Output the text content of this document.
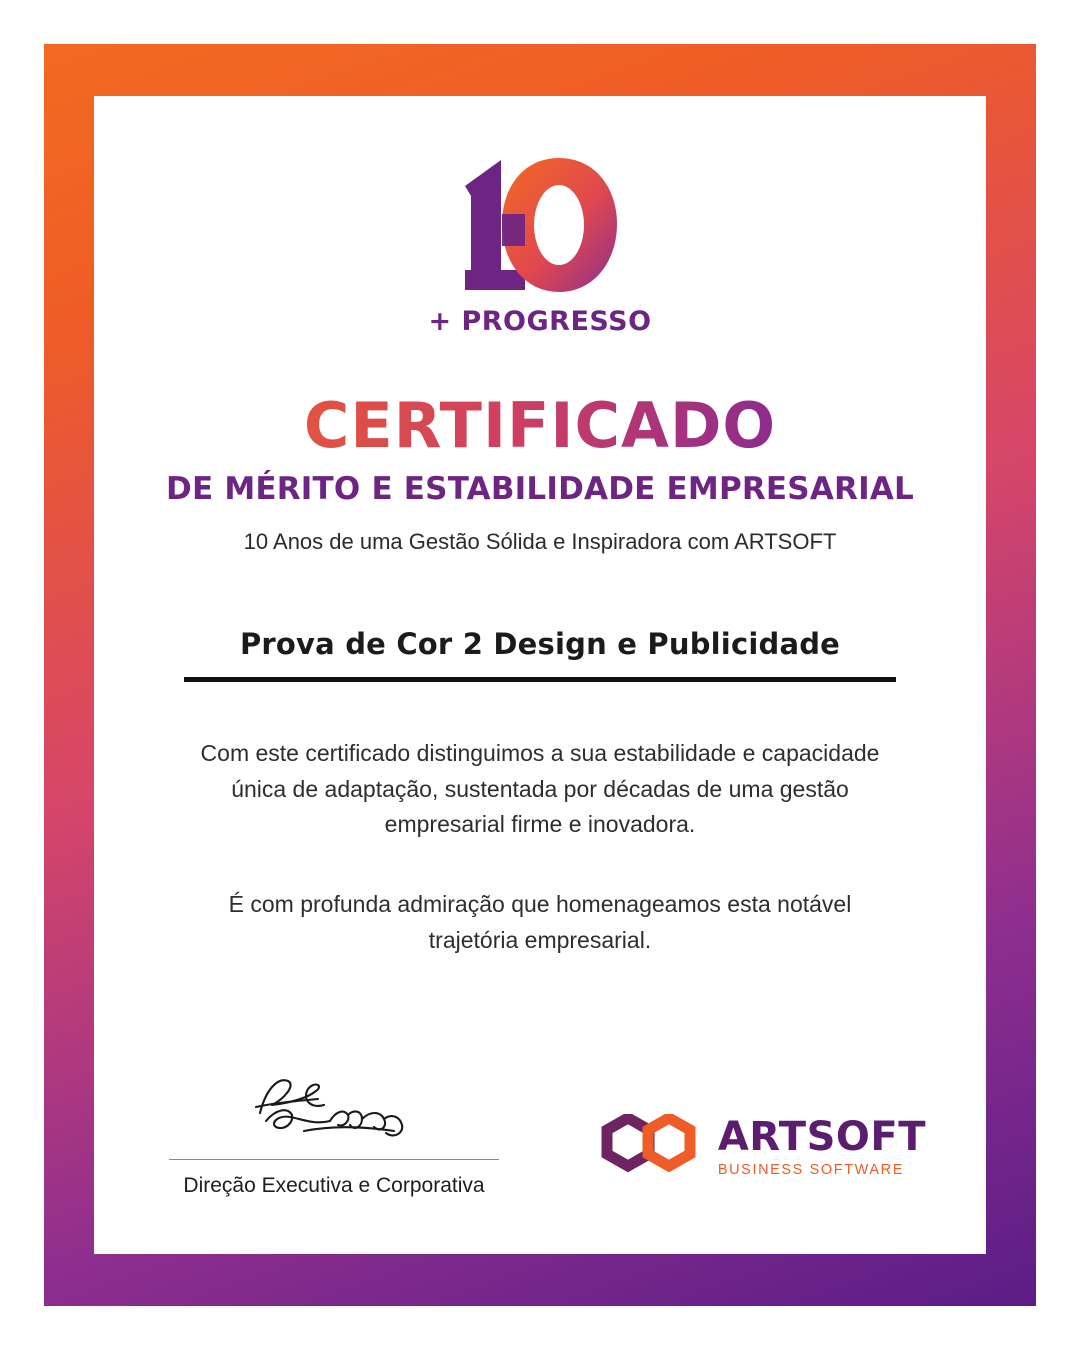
+ PROGRESSO
CERTIFICADO
DE MÉRITO E ESTABILIDADE EMPRESARIAL
10 Anos de uma Gestão Sólida e Inspiradora com ARTSOFT
Prova de Cor 2 Design e Publicidade
Com este certificado distinguimos a sua estabilidade e capacidade única de adaptação, sustentada por décadas de uma gestão empresarial firme e inovadora.
É com profunda admiração que homenageamos esta notável trajetória empresarial.
Direção Executiva e Corporativa
ARTSOFT
BUSINESS SOFTWARE
